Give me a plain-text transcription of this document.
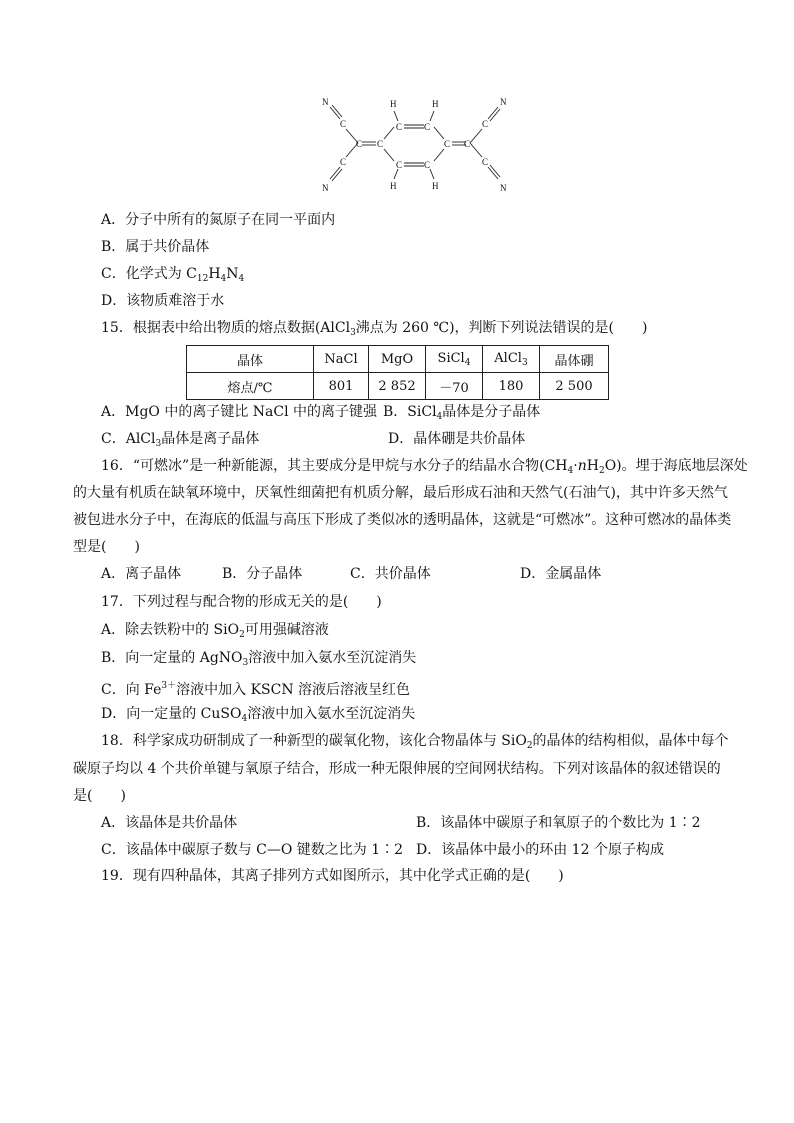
N
C
N
C
C C
C C
C C
C C
C
C
N
N
H	H
H	H
A．分子中所有的氮原子在同一平面内
B．属于共价晶体
C．化学式为 $C_{12}H_4N_4$
D．该物质难溶于水
15．根据表中给出物质的熔点数据(AlCl$_3$沸点为 260 ℃)，判断下列说法错误的是(　　)
晶体	NaCl	MgO	SiCl$_4$	AlCl$_3$	晶体硼
熔点/℃	801	2 852	－70	180	2 500
A．MgO 中的离子键比 NaCl 中的离子键强 B．SiCl$_4$晶体是分子晶体
C．AlCl$_3$晶体是离子晶体	D．晶体硼是共价晶体
16．“可燃冰”是一种新能源，其主要成分是甲烷与水分子的结晶水合物$(CH_4\cdot nH_2O)$。埋于海底地层深处
的大量有机质在缺氧环境中，厌氧性细菌把有机质分解，最后形成石油和天然气(石油气)，其中许多天然气
被包进水分子中，在海底的低温与高压下形成了类似冰的透明晶体，这就是“可燃冰”。这种可燃冰的晶体类
型是(　　)
A．离子晶体	B．分子晶体	C．共价晶体	D．金属晶体
17．下列过程与配合物的形成无关的是(　　)
A．除去铁粉中的 SiO$_2$可用强碱溶液
B．向一定量的 AgNO$_3$溶液中加入氨水至沉淀消失
C．向 $Fe^{3+}$溶液中加入 KSCN 溶液后溶液呈红色
D．向一定量的 CuSO$_4$溶液中加入氨水至沉淀消失
18．科学家成功研制成了一种新型的碳氧化物，该化合物晶体与 SiO$_2$的晶体的结构相似，晶体中每个
碳原子均以 4 个共价单键与氧原子结合，形成一种无限伸展的空间网状结构。下列对该晶体的叙述错误的
是(　　)
A．该晶体是共价晶体	B．该晶体中碳原子和氧原子的个数比为 1∶2
C．该晶体中碳原子数与 C—O 键数之比为 1∶2 D．该晶体中最小的环由 12 个原子构成
19．现有四种晶体，其离子排列方式如图所示，其中化学式正确的是(　　)
